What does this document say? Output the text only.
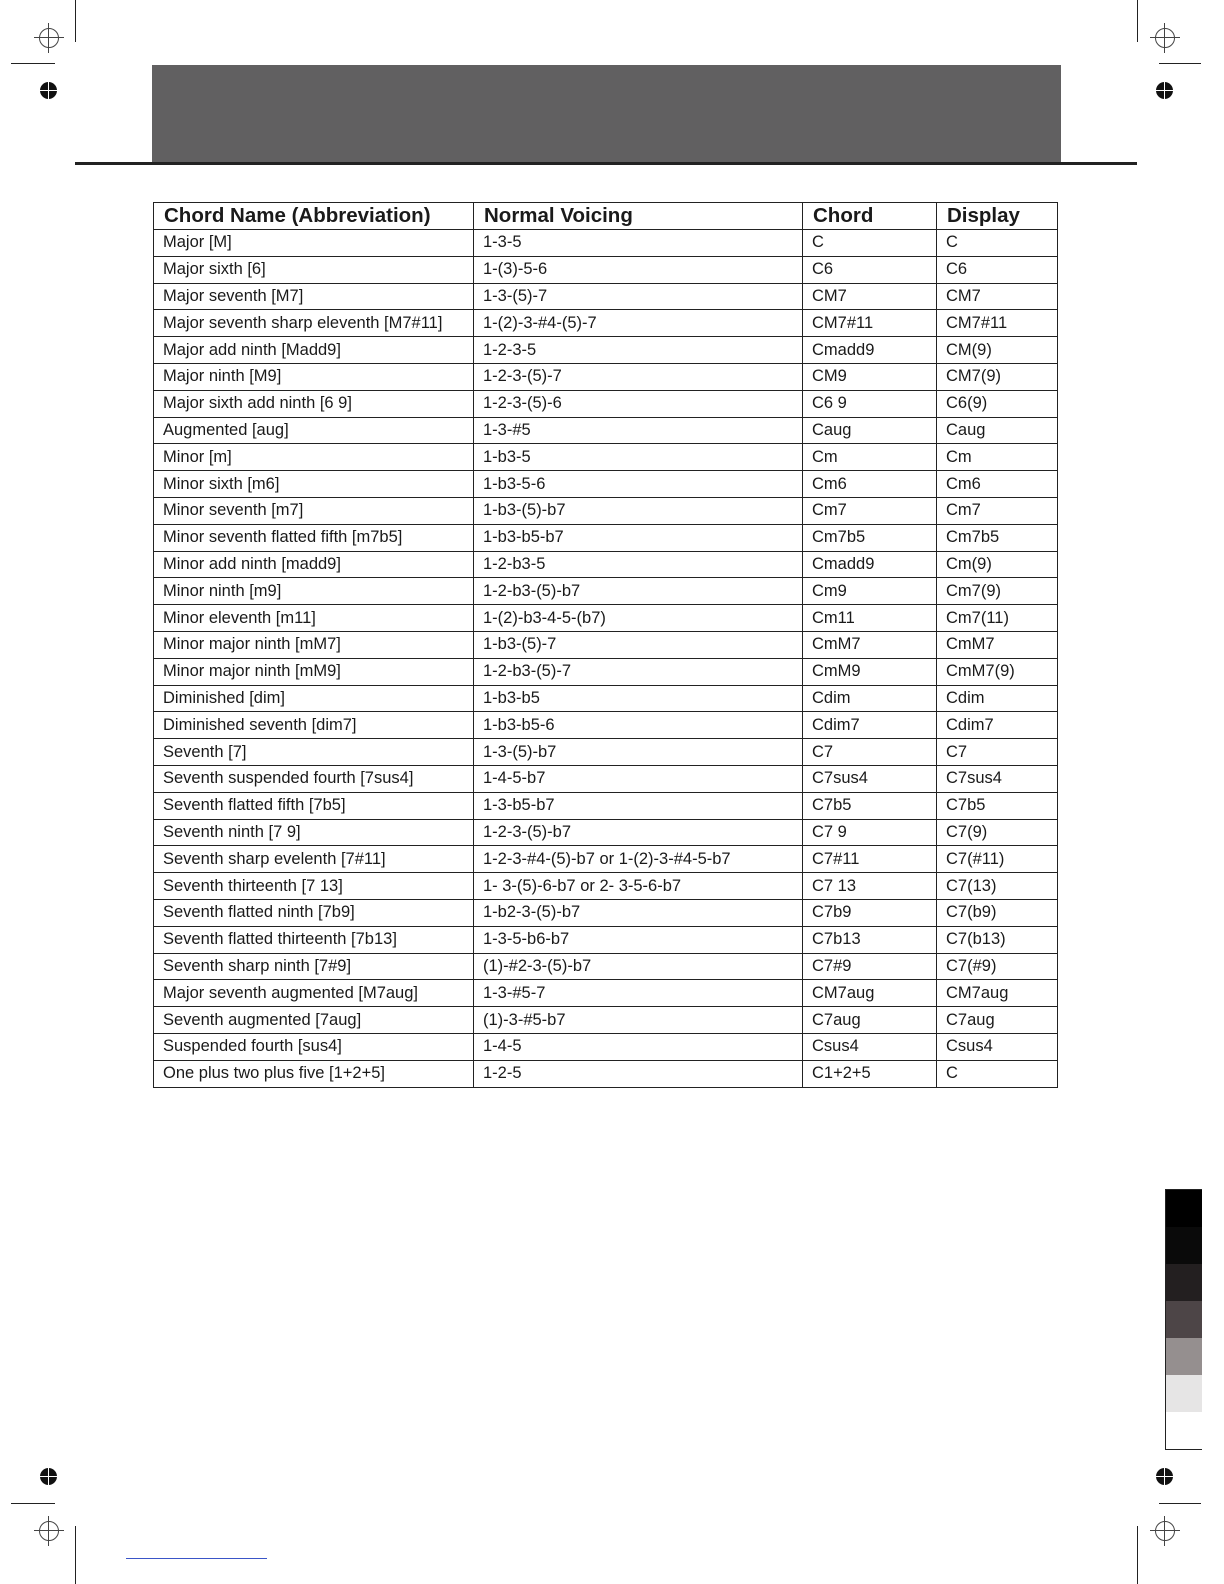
Chord Name (Abbreviation)	Normal Voicing	Chord	Display
Major [M]	1-3-5	C	C
Major sixth [6]	1-(3)-5-6	C6	C6
Major seventh [M7]	1-3-(5)-7	CM7	CM7
Major seventh sharp eleventh [M7#11]	1-(2)-3-#4-(5)-7	CM7#11	CM7#11
Major add ninth [Madd9]	1-2-3-5	Cmadd9	CM(9)
Major ninth [M9]	1-2-3-(5)-7	CM9	CM7(9)
Major sixth add ninth [6 9]	1-2-3-(5)-6	C6 9	C6(9)
Augmented [aug]	1-3-#5	Caug	Caug
Minor [m]	1-b3-5	Cm	Cm
Minor sixth [m6]	1-b3-5-6	Cm6	Cm6
Minor seventh [m7]	1-b3-(5)-b7	Cm7	Cm7
Minor seventh flatted fifth [m7b5]	1-b3-b5-b7	Cm7b5	Cm7b5
Minor add ninth [madd9]	1-2-b3-5	Cmadd9	Cm(9)
Minor ninth [m9]	1-2-b3-(5)-b7	Cm9	Cm7(9)
Minor eleventh [m11]	1-(2)-b3-4-5-(b7)	Cm11	Cm7(11)
Minor major ninth [mM7]	1-b3-(5)-7	CmM7	CmM7
Minor major ninth [mM9]	1-2-b3-(5)-7	CmM9	CmM7(9)
Diminished [dim]	1-b3-b5	Cdim	Cdim
Diminished seventh [dim7]	1-b3-b5-6	Cdim7	Cdim7
Seventh [7]	1-3-(5)-b7	C7	C7
Seventh suspended fourth [7sus4]	1-4-5-b7	C7sus4	C7sus4
Seventh flatted fifth [7b5]	1-3-b5-b7	C7b5	C7b5
Seventh ninth [7 9]	1-2-3-(5)-b7	C7 9	C7(9)
Seventh sharp evelenth [7#11]	1-2-3-#4-(5)-b7 or 1-(2)-3-#4-5-b7	C7#11	C7(#11)
Seventh thirteenth [7 13]	1- 3-(5)-6-b7 or 2- 3-5-6-b7	C7 13	C7(13)
Seventh flatted ninth [7b9]	1-b2-3-(5)-b7	C7b9	C7(b9)
Seventh flatted thirteenth [7b13]	1-3-5-b6-b7	C7b13	C7(b13)
Seventh sharp ninth [7#9]	(1)-#2-3-(5)-b7	C7#9	C7(#9)
Major seventh augmented [M7aug]	1-3-#5-7	CM7aug	CM7aug
Seventh augmented [7aug]	(1)-3-#5-b7	C7aug	C7aug
Suspended fourth [sus4]	1-4-5	Csus4	Csus4
One plus two plus five [1+2+5]	1-2-5	C1+2+5	C
